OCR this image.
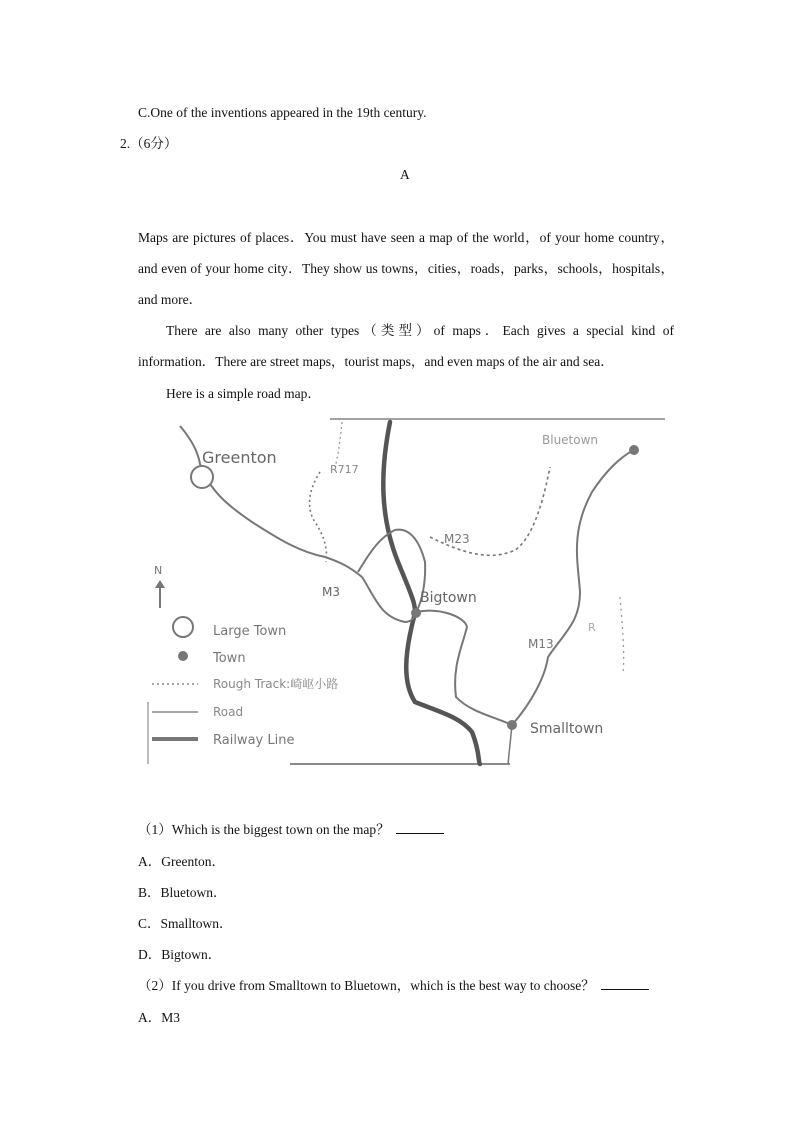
C.One of the inventions appeared in the 19th century.
2.（6分）
A
Maps are pictures of places．You must have seen a map of the world，of your home country，and even of your home city．They show us towns，cities，roads，parks，schools，hospitals，and more．
There are also many other types（类型）of maps．Each gives a special kind of information．There are street maps，tourist maps，and even maps of the air and sea．
Here is a simple road map．
Greenton
Bluetown
Bigtown
Smalltown
R717
M23
M3
M13
R
N
Large Town
Town
Rough Track:崎岖小路
Road
Railway Line
（1）Which is the biggest town on the map？
A．Greenton．
B．Bluetown．
C．Smalltown．
D．Bigtown．
（2）If you drive from Smalltown to Bluetown，which is the best way to choose？
A．M3
